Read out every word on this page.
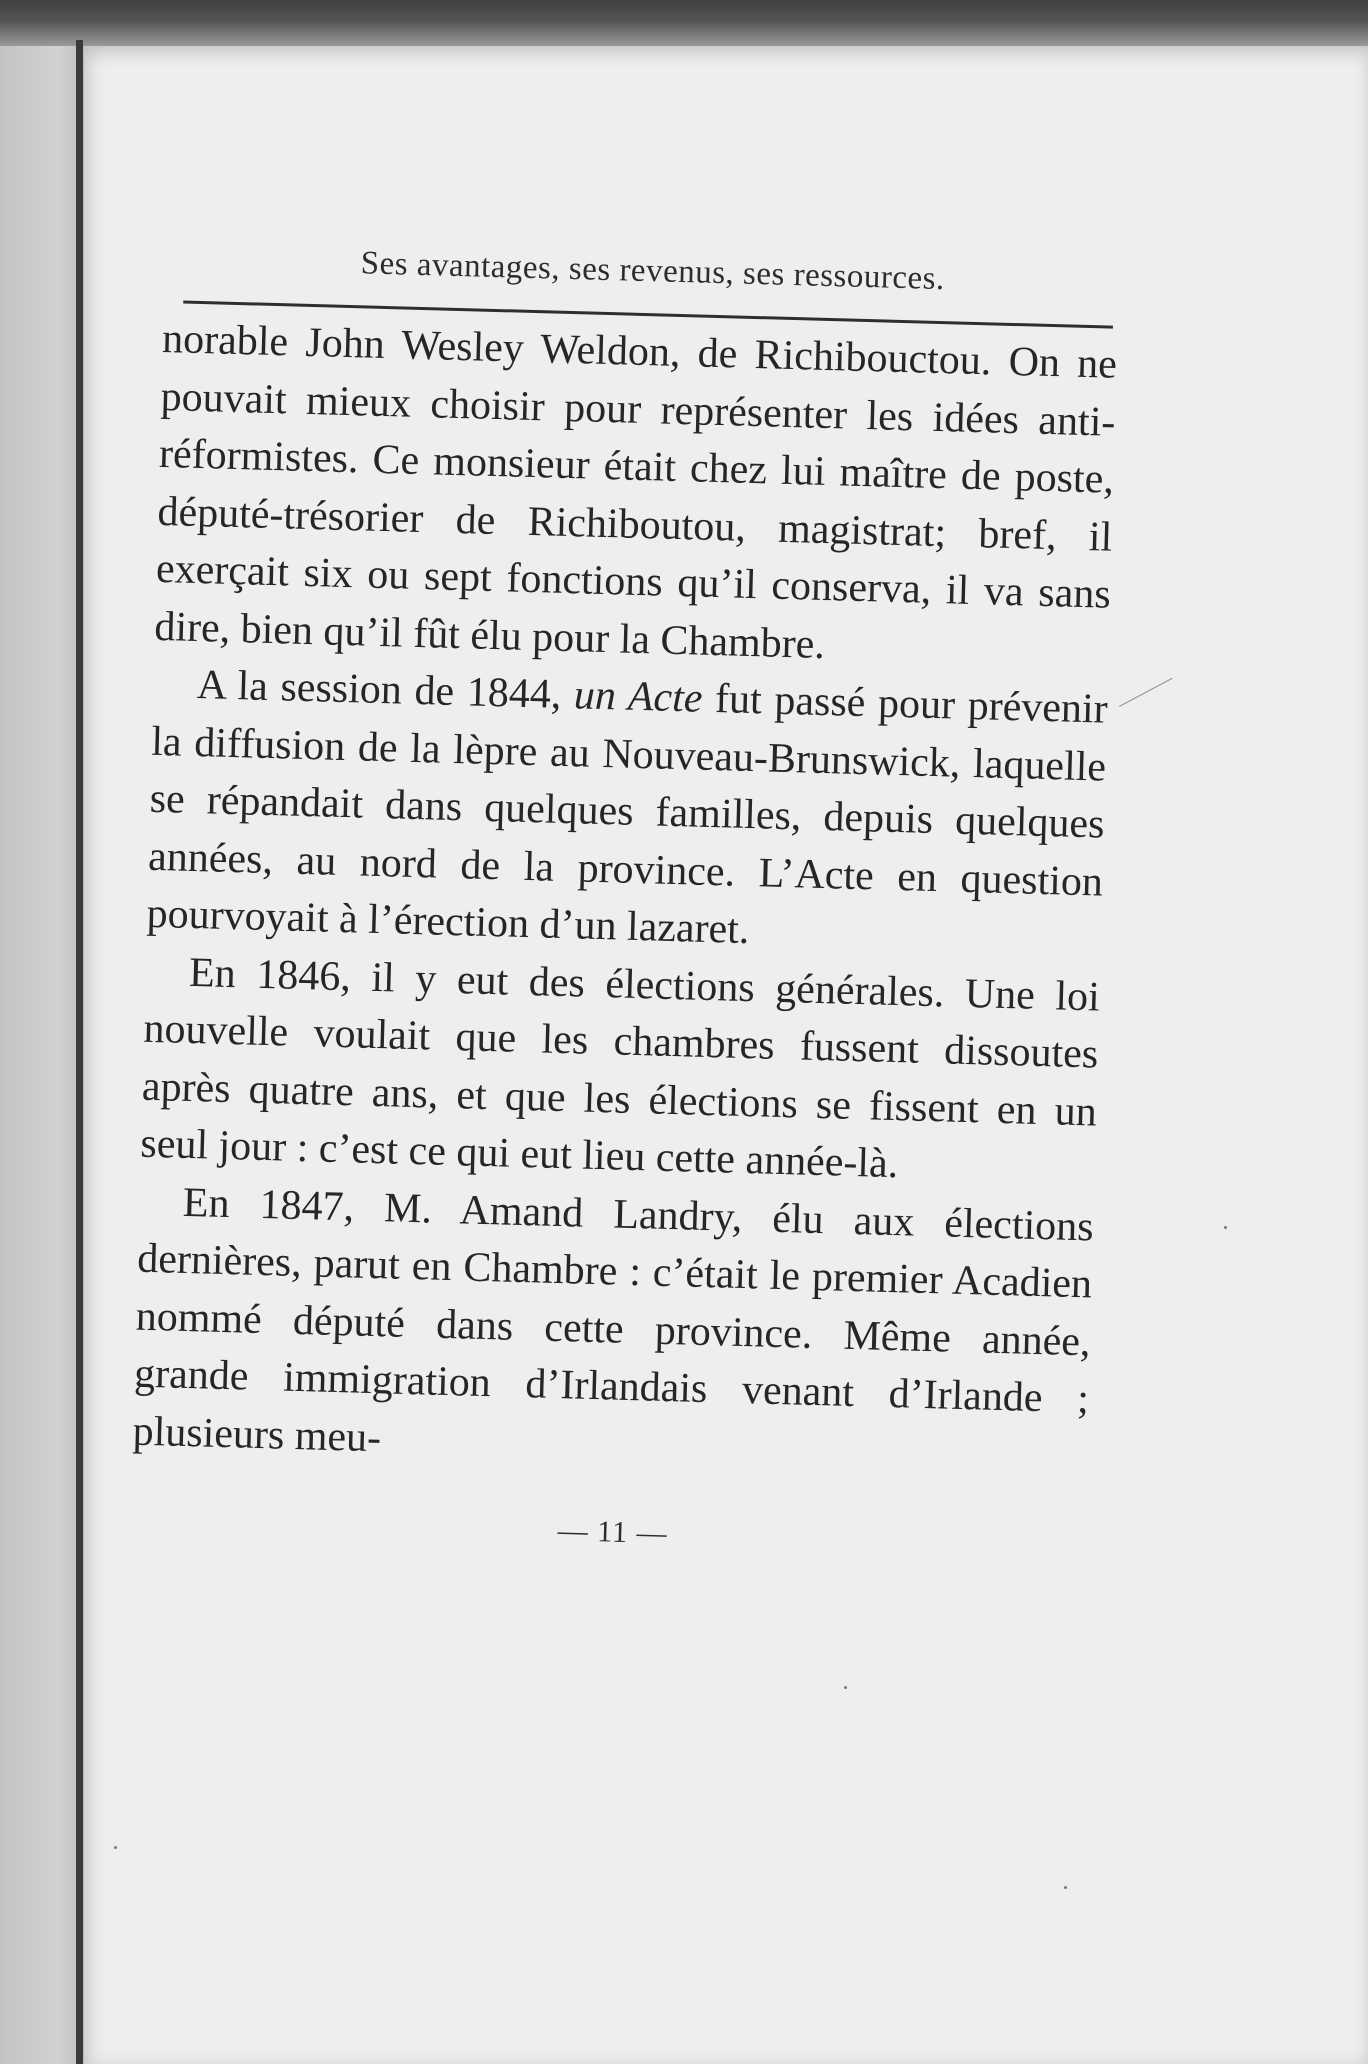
Ses avantages, ses revenus, ses ressources.

norable John Wesley Weldon, de Richibouctou. On ne pouvait mieux choisir pour représenter les idées anti-réformistes. Ce monsieur était chez lui maître de poste, député-trésorier de Richiboutou, magistrat; bref, il exerçait six ou sept fonctions qu’il conserva, il va sans dire, bien qu’il fût élu pour la Chambre.

A la session de 1844, un Acte fut passé pour prévenir la diffusion de la lèpre au Nouveau-Brunswick, laquelle se répandait dans quelques familles, depuis quelques années, au nord de la province. L’Acte en question pourvoyait à l’érection d’un lazaret.

En 1846, il y eut des élections générales. Une loi nouvelle voulait que les chambres fussent dissoutes après quatre ans, et que les élections se fissent en un seul jour : c’est ce qui eut lieu cette année-là.

En 1847, M. Amand Landry, élu aux élections dernières, parut en Chambre : c’était le premier Acadien nommé député dans cette province. Même année, grande immigration d’Irlandais venant d’Irlande ; plusieurs meu-

— 11 —
